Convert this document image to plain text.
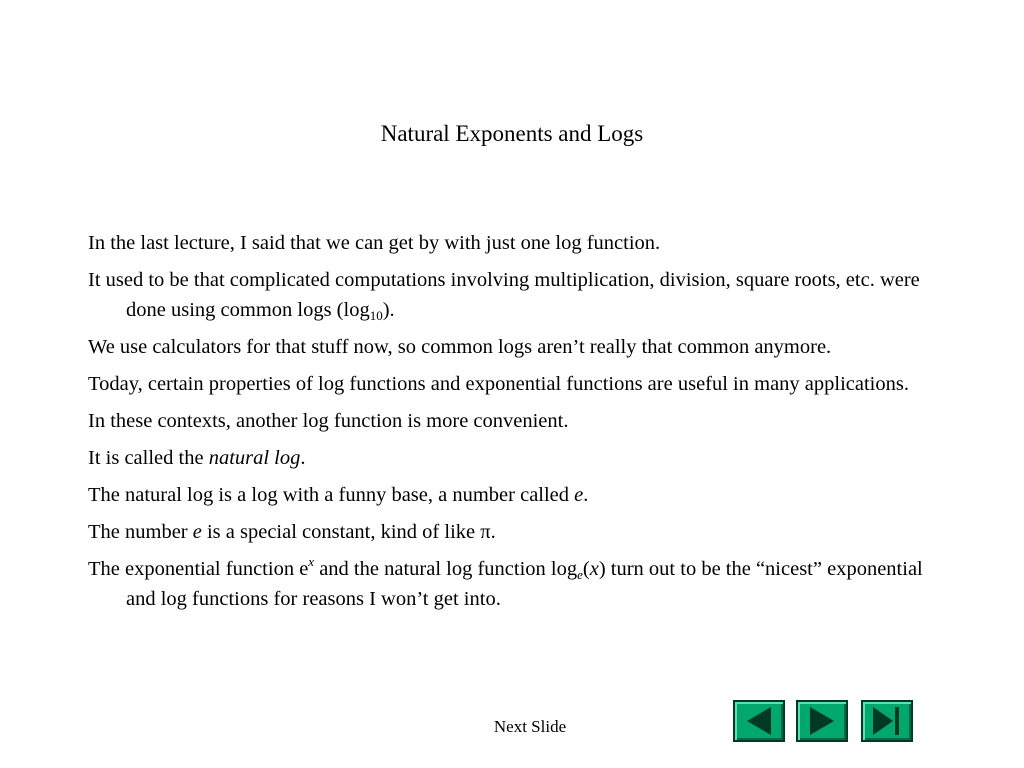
Natural Exponents and Logs

In the last lecture, I said that we can get by with just one log function.

It used to be that complicated computations involving multiplication, division, square roots, etc. were done using common logs $(\log_{10})$.

We use calculators for that stuff now, so common logs aren’t really that common anymore.

Today, certain properties of log functions and exponential functions are useful in many applications.

In these contexts, another log function is more convenient.

It is called the natural log.

The natural log is a log with a funny base, a number called e.

The number e is a special constant, kind of like π.

The exponential function $e^x$ and the natural log function loge(x) turn out to be the “nicest” exponential and log functions for reasons I won’t get into.

Next Slide
